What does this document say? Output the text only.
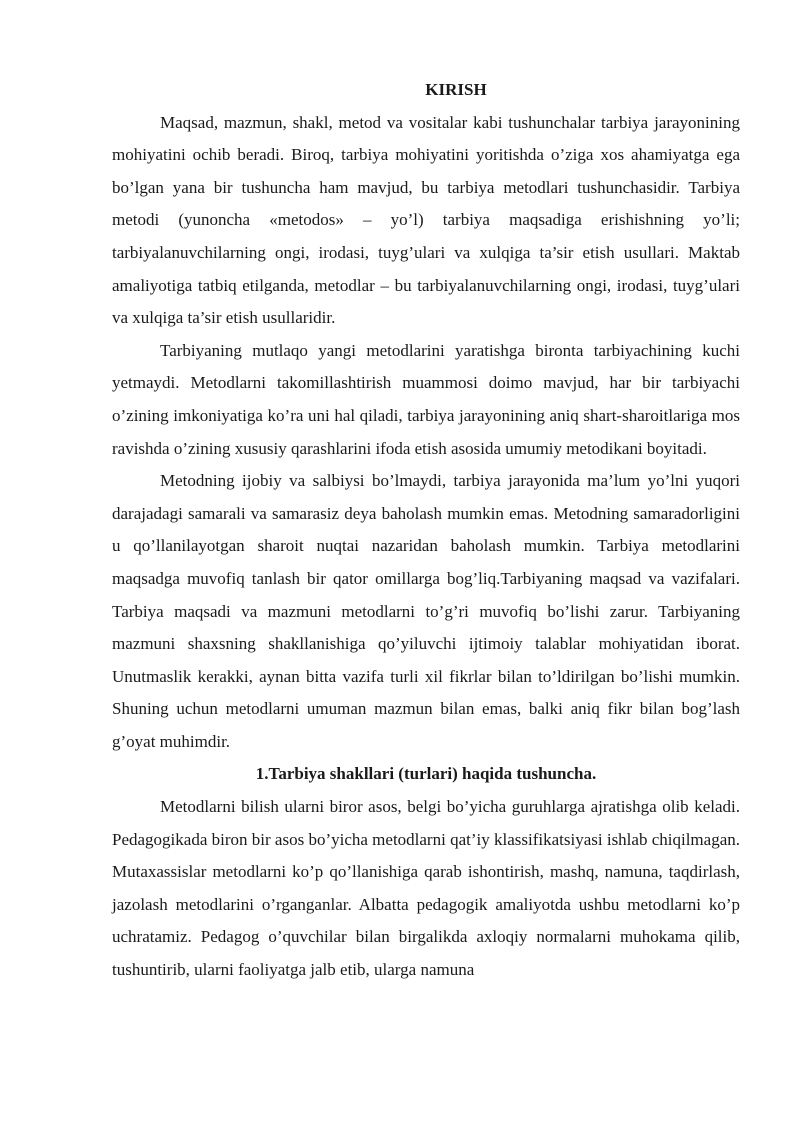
KIRISH

Maqsad, mazmun, shakl, metod va vositalar kabi tushunchalar tarbiya jarayonining mohiyatini ochib beradi. Biroq, tarbiya mohiyatini yoritishda o’ziga xos ahamiyatga ega bo’lgan yana bir tushuncha ham mavjud, bu tarbiya metodlari tushunchasidir. Tarbiya metodi (yunoncha «metodos» – yo’l) tarbiya maqsadiga erishishning yo’li; tarbiyalanuvchilarning ongi, irodasi, tuyg’ulari va xulqiga ta’sir etish usullari. Maktab amaliyotiga tatbiq etilganda, metodlar – bu tarbiyalanuvchilarning ongi, irodasi, tuyg’ulari va xulqiga ta’sir etish usullaridir.

Tarbiyaning mutlaqo yangi metodlarini yaratishga bironta tarbiyachining kuchi yetmaydi. Metodlarni takomillashtirish muammosi doimo mavjud, har bir tarbiyachi o’zining imkoniyatiga ko’ra uni hal qiladi, tarbiya jarayonining aniq shart-sharoitlariga mos ravishda o’zining xususiy qarashlarini ifoda etish asosida umumiy metodikani boyitadi.

Metodning ijobiy va salbiysi bo’lmaydi, tarbiya jarayonida ma’lum yo’lni yuqori darajadagi samarali va samarasiz deya baholash mumkin emas. Metodning samaradorligini u qo’llanilayotgan sharoit nuqtai nazaridan baholash mumkin. Tarbiya metodlarini maqsadga muvofiq tanlash bir qator omillarga bog’liq.Tarbiyaning maqsad va vazifalari. Tarbiya maqsadi va mazmuni metodlarni to’g’ri muvofiq bo’lishi zarur. Tarbiyaning mazmuni shaxsning shakllanishiga qo’yiluvchi ijtimoiy talablar mohiyatidan iborat. Unutmaslik kerakki, aynan bitta vazifa turli xil fikrlar bilan to’ldirilgan bo’lishi mumkin. Shuning uchun metodlarni umuman mazmun bilan emas, balki aniq fikr bilan bog’lash g’oyat muhimdir.

1.Tarbiya shakllari (turlari) haqida tushuncha.

Metodlarni bilish ularni biror asos, belgi bo’yicha guruhlarga ajratishga olib keladi. Pedagogikada biron bir asos bo’yicha metodlarni qat’iy klassifikatsiyasi ishlab chiqilmagan. Mutaxassislar metodlarni ko’p qo’llanishiga qarab ishontirish, mashq, namuna, taqdirlash, jazolash metodlarini o’rganganlar. Albatta pedagogik amaliyotda ushbu metodlarni ko’p uchratamiz. Pedagog o’quvchilar bilan birgalikda axloqiy normalarni muhokama qilib, tushuntirib, ularni faoliyatga jalb etib, ularga namuna
